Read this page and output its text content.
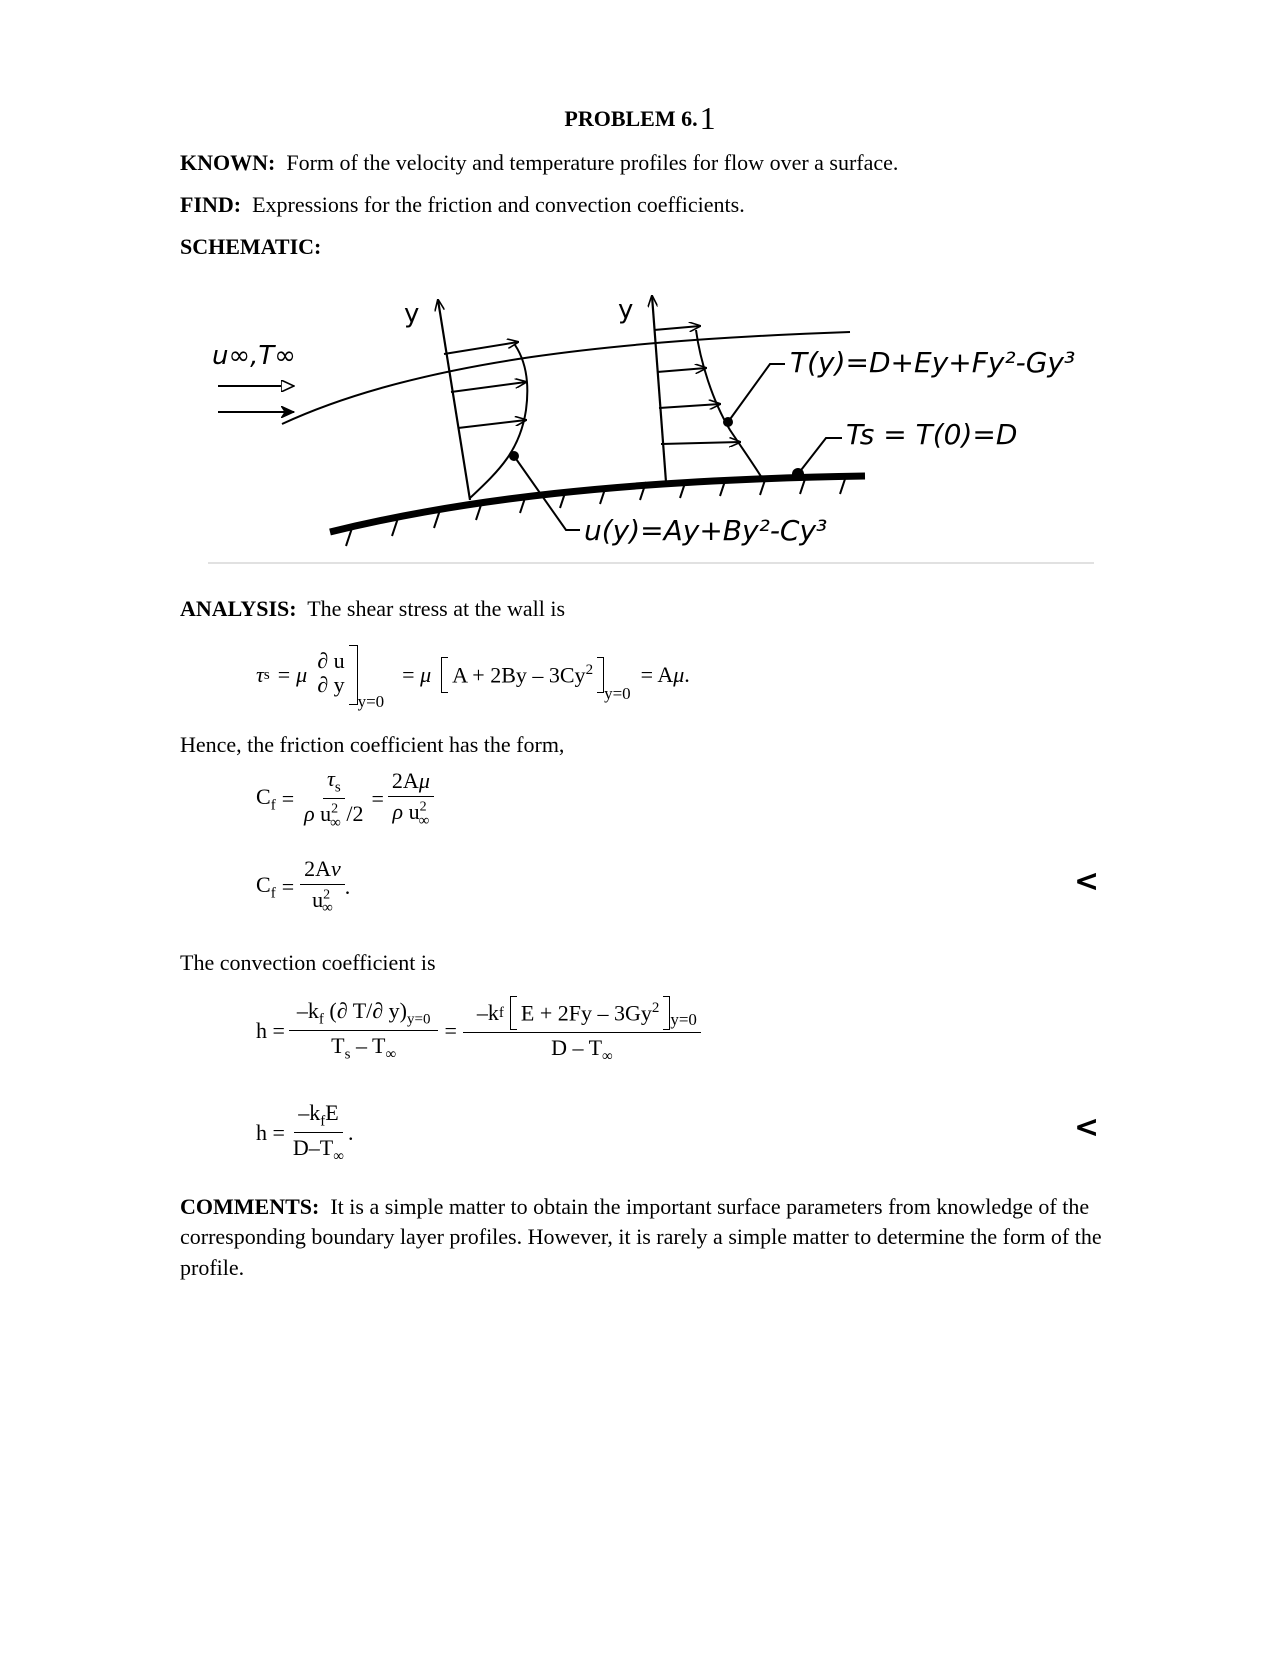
PROBLEM 6.1
KNOWN: Form of the velocity and temperature profiles for flow over a surface.
FIND: Expressions for the friction and convection coefficients.
SCHEMATIC:
y	y
u∞,T∞	T(y)=D+Ey+Fy²-Gy³
Ts = T(0)=D
u(y)=Ay+By²-Cy³
ANALYSIS: The shear stress at the wall is
τ s = μ
∂ u
∂ y
y=0
= μ A + 2By – 3Cy$^2$
y=0
= Aμ.
Hence, the friction coefficient has the form,
$C_f = \frac{\tau_s}{\rho u^2_\infty /2} = \frac{2A\mu}{\rho u^2_\infty}$
$C_f = \frac{2A\nu}{u^2_\infty}$ .	<
The convection coefficient is
$h = \frac{-k_f (\partial T/\partial y)_{y=0}}{T_s - T_\infty} = -k$ f E + 2Fy – 3Gy$^2$
y=0
D – $T_\infty$
$h = \frac{-k_fE}{D-T_\infty}$ .	<
COMMENTS: It is a simple matter to obtain the important surface parameters from knowledge of the corresponding boundary layer profiles. However, it is rarely a simple matter to determine the form of the profile.
